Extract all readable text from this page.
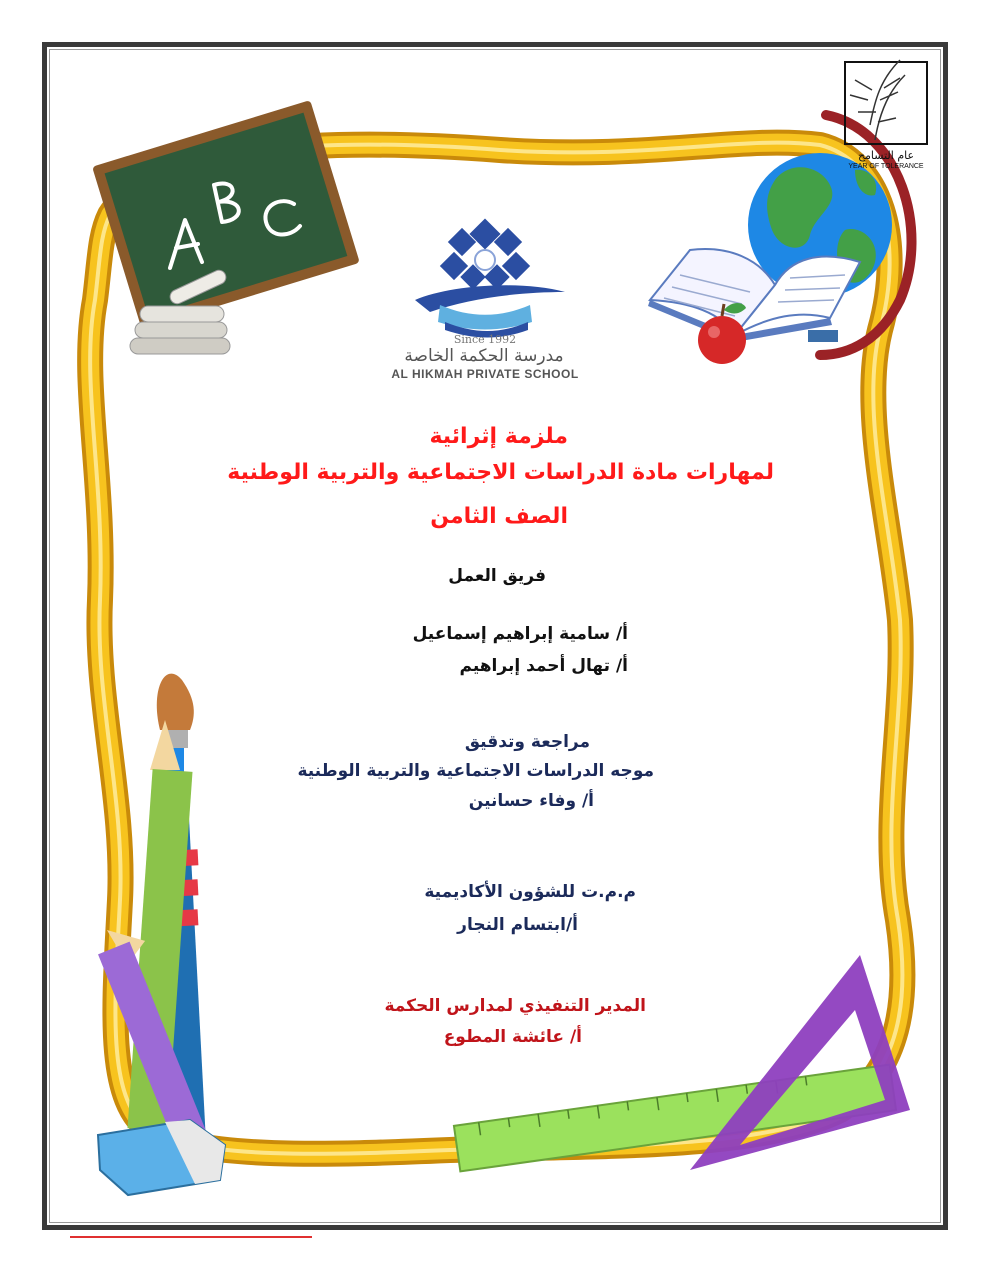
عام التسامح
YEAR OF TOLERANCE
Since 1992
مدرسة الحكمة الخاصة
AL HIKMAH PRIVATE SCHOOL
ملزمة إثرائية
لمهارات مادة الدراسات الاجتماعية والتربية الوطنية
الصف الثامن
فريق العمل
أ/ سامية إبراهيم إسماعيل
أ/ تهال أحمد إبراهيم
مراجعة وتدقيق
موجه الدراسات الاجتماعية والتربية الوطنية
أ/ وفاء حسانين
م.م.ت للشؤون الأكاديمية
أ/ابتسام النجار
المدير التنفيذي لمدارس الحكمة
أ/ عائشة المطوع
